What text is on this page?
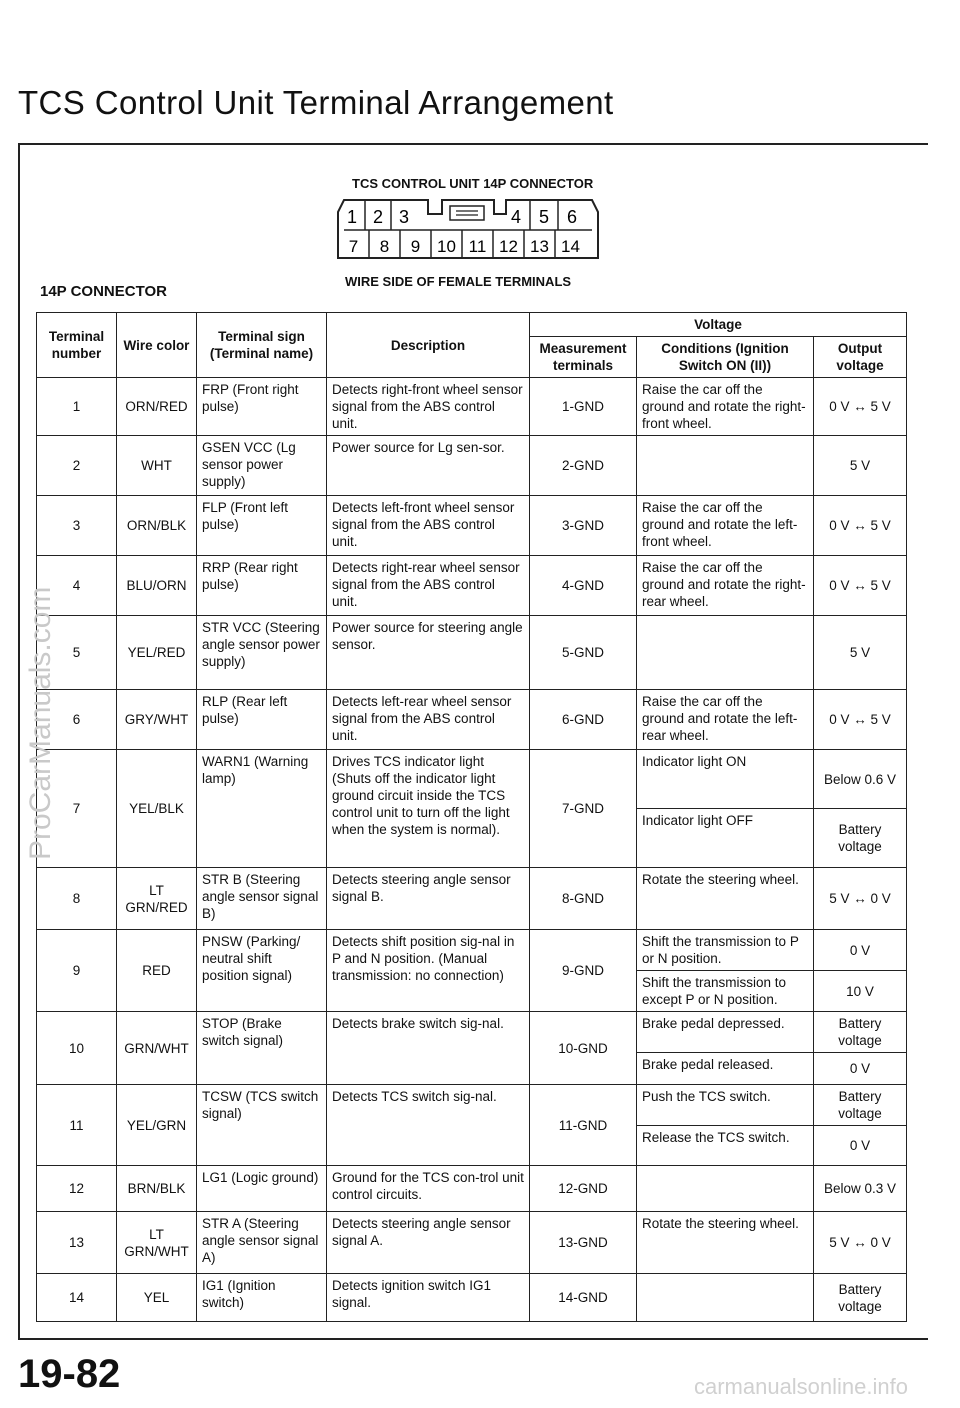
TCS Control Unit Terminal Arrangement
TCS CONTROL UNIT 14P CONNECTOR
1 2 3	4 5 6
7 8 9 10 11 12 13 14
WIRE SIDE OF FEMALE TERMINALS
14P CONNECTOR
Terminal number	Wire color	Terminal sign (Terminal name)	Description	Voltage		
				Measurement terminals	Conditions (Ignition Switch ON (II))	Output voltage
1	ORN/RED	FRP (Front right pulse)	Detects right-front wheel sensor signal from the ABS control unit.	1-GND	Raise the car off the ground and rotate the right-front wheel.	0 V ↔ 5 V
2	WHT	GSEN VCC (Lg sensor power supply)	Power source for Lg sen-sor.	2-GND		5 V
3	ORN/BLK	FLP (Front left pulse)	Detects left-front wheel sensor signal from the ABS control unit.	3-GND	Raise the car off the ground and rotate the left-front wheel.	0 V ↔ 5 V
4	BLU/ORN	RRP (Rear right pulse)	Detects right-rear wheel sensor signal from the ABS control unit.	4-GND	Raise the car off the ground and rotate the right-rear wheel.	0 V ↔ 5 V
5	YEL/RED	STR VCC (Steering angle sensor power supply)	Power source for steering angle sensor.	5-GND		5 V
6	GRY/WHT	RLP (Rear left pulse)	Detects left-rear wheel sensor signal from the ABS control unit.	6-GND	Raise the car off the ground and rotate the left-rear wheel.	0 V ↔ 5 V
7	YEL/BLK	WARN1 (Warning lamp)	Drives TCS indicator light (Shuts off the indicator light ground circuit inside the TCS control unit to turn off the light when the system is normal).	7-GND	Indicator light ON	Below 0.6 V
					Indicator light OFF	Battery voltage
8	LT GRN/RED	STR B (Steering angle sensor signal B)	Detects steering angle sensor signal B.	8-GND	Rotate the steering wheel.	5 V ↔ 0 V
9	RED	PNSW (Parking/ neutral shift position signal)	Detects shift position sig-nal in P and N position. (Manual transmission: no connection)	9-GND	Shift the transmission to P or N position.	0 V
					Shift the transmission to except P or N position.	10 V
10	GRN/WHT	STOP (Brake switch signal)	Detects brake switch sig-nal.	10-GND	Brake pedal depressed.	Battery voltage
					Brake pedal released.	0 V
11	YEL/GRN	TCSW (TCS switch signal)	Detects TCS switch sig-nal.	11-GND	Push the TCS switch.	Battery voltage
					Release the TCS switch.	0 V
12	BRN/BLK	LG1 (Logic ground)	Ground for the TCS con-trol unit control circuits.	12-GND		Below 0.3 V
13	LT GRN/WHT	STR A (Steering angle sensor signal A)	Detects steering angle sensor signal A.	13-GND	Rotate the steering wheel.	5 V ↔ 0 V
14	YEL	IG1 (Ignition switch)	Detects ignition switch IG1 signal.	14-GND		Battery voltage
ProCarManuals.com
19-82	carmanualsonline.info
